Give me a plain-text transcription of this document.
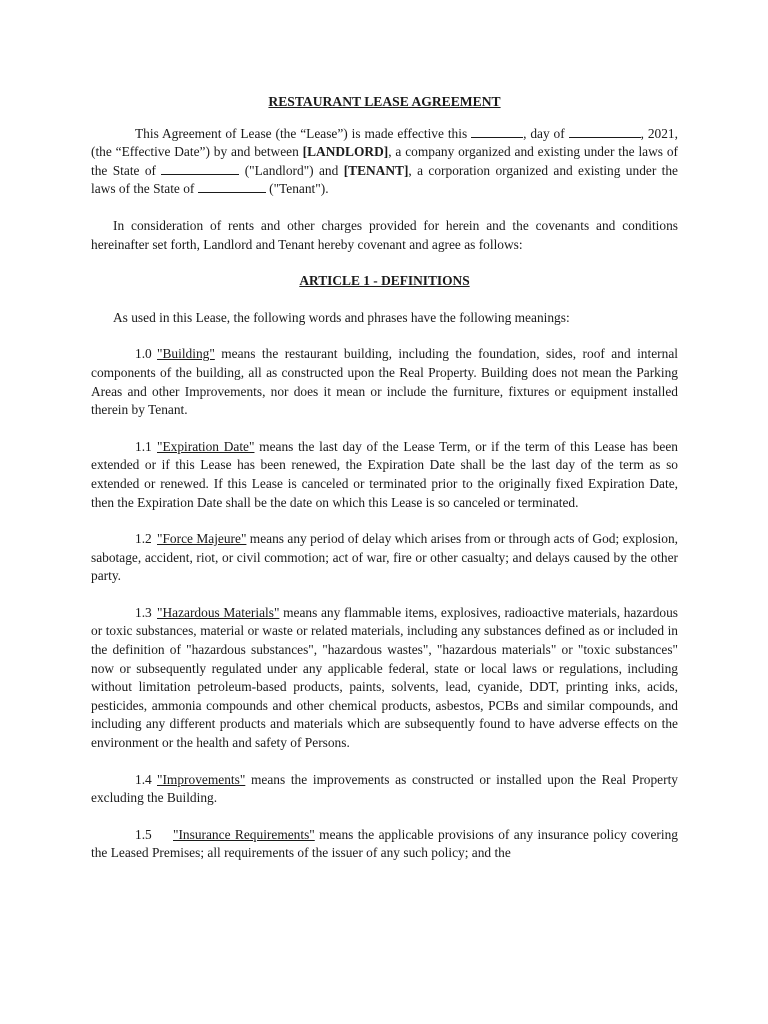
RESTAURANT LEASE AGREEMENT

This Agreement of Lease (the “Lease”) is made effective this	, day of	, 2021, (the “Effective Date”) by and between [LANDLORD], a company organized and existing under the laws of the State of	("Landlord") and [TENANT], a corporation organized and existing under the laws of the State of	("Tenant").

In consideration of rents and other charges provided for herein and the covenants and conditions hereinafter set forth, Landlord and Tenant hereby covenant and agree as follows:

ARTICLE 1 - DEFINITIONS

As used in this Lease, the following words and phrases have the following meanings:

1.0 "Building" means the restaurant building, including the foundation, sides, roof and internal components of the building, all as constructed upon the Real Property. Building does not mean the Parking Areas and other Improvements, nor does it mean or include the furniture, fixtures or equipment installed therein by Tenant.

1.1 "Expiration Date" means the last day of the Lease Term, or if the term of this Lease has been extended or if this Lease has been renewed, the Expiration Date shall be the last day of the term as so extended or renewed. If this Lease is canceled or terminated prior to the originally fixed Expiration Date, then the Expiration Date shall be the date on which this Lease is so canceled or terminated.

1.2 "Force Majeure" means any period of delay which arises from or through acts of God; explosion, sabotage, accident, riot, or civil commotion; act of war, fire or other casualty; and delays caused by the other party.

1.3 "Hazardous Materials" means any flammable items, explosives, radioactive materials, hazardous or toxic substances, material or waste or related materials, including any substances defined as or included in the definition of "hazardous substances", "hazardous wastes", "hazardous materials" or "toxic substances" now or subsequently regulated under any applicable federal, state or local laws or regulations, including without limitation petroleum-based products, paints, solvents, lead, cyanide, DDT, printing inks, acids, pesticides, ammonia compounds and other chemical products, asbestos, PCBs and similar compounds, and including any different products and materials which are subsequently found to have adverse effects on the environment or the health and safety of Persons.

1.4 "Improvements" means the improvements as constructed or installed upon the Real Property excluding the Building.

1.5 "Insurance Requirements" means the applicable provisions of any insurance policy covering the Leased Premises; all requirements of the issuer of any such policy; and the
